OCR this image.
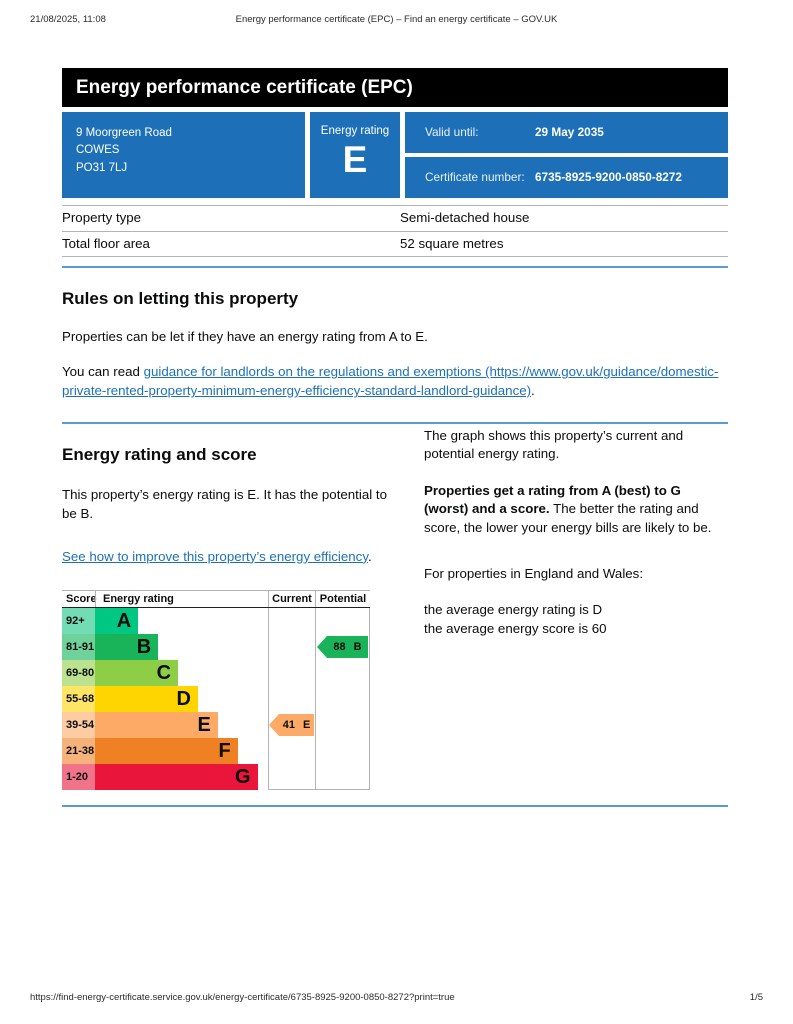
21/08/2025, 11:08	Energy performance certificate (EPC) – Find an energy certificate – GOV.UK
Energy performance certificate (EPC)
9 Moorgreen Road
COWES
PO31 7LJ
Energy rating
E
Valid until:	29 May 2035
Certificate number: 6735-8925-9200-0850-8272
Property type	Semi-detached house
Total floor area	52 square metres
Rules on letting this property

Properties can be let if they have an energy rating from A to E.

You can read guidance for landlords on the regulations and exemptions (https://www.gov.uk/guidance/domestic-private-rented-property-minimum-energy-efficiency-standard-landlord-guidance).

Energy rating and score

This property’s energy rating is E. It has the potential to be B.

See how to improve this property’s energy efficiency.

Score Energy rating	Current Potential
92+	A
81-91	B
69-80	C
55-68	D
39-54	E
21-38	F
1-20	G
41 E
88 B

The graph shows this property’s current and potential energy rating.

Properties get a rating from A (best) to G (worst) and a score. The better the rating and score, the lower your energy bills are likely to be.

For properties in England and Wales:

the average energy rating is D

the average energy score is 60

https://find-energy-certificate.service.gov.uk/energy-certificate/6735-8925-9200-0850-8272?print=true	1/5
